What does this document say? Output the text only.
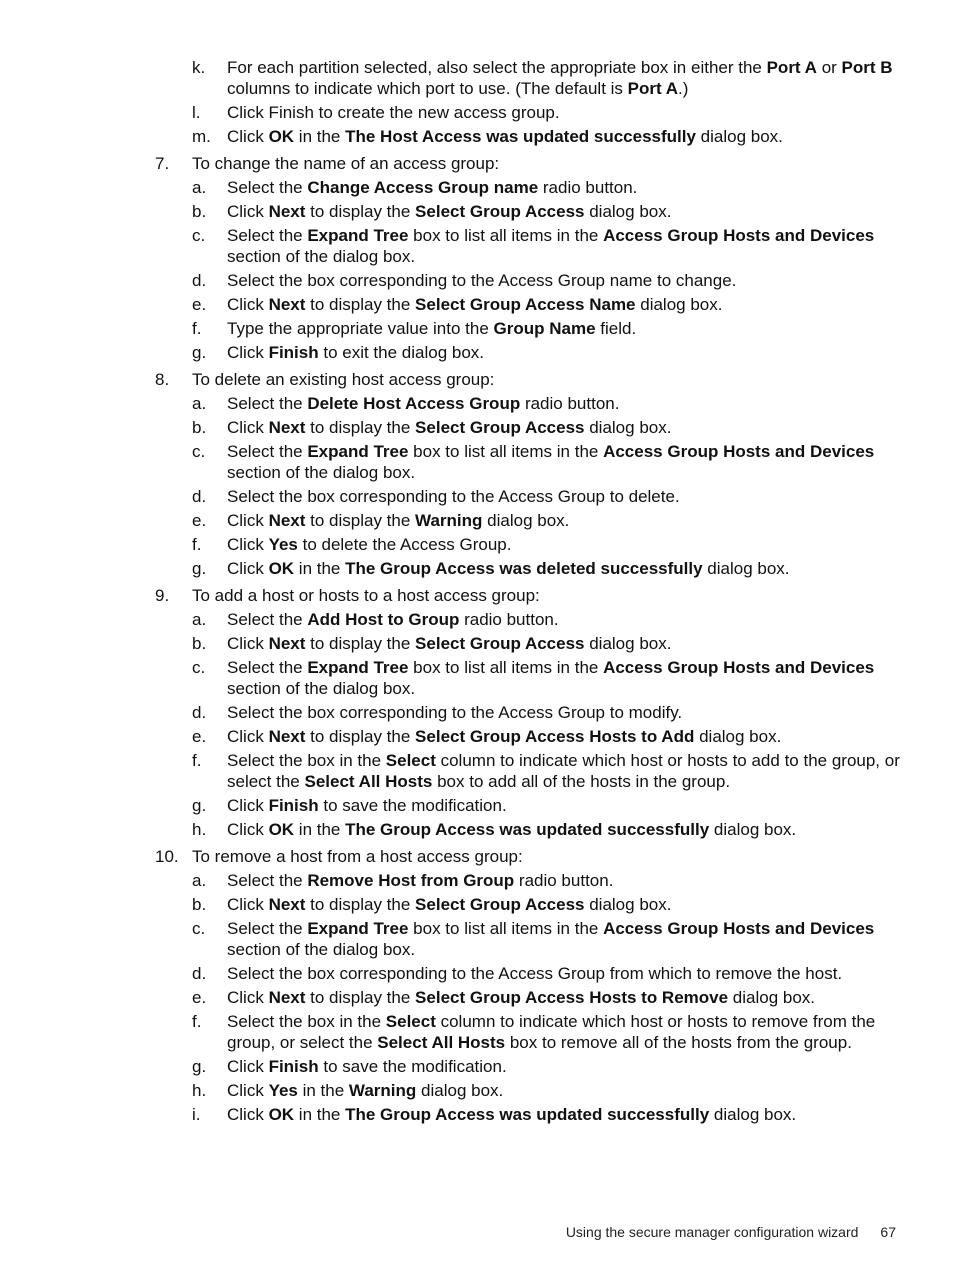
k.	For each partition selected, also select the appropriate box in either the Port A or Port B columns to indicate which port to use. (The default is Port A.)
l.	Click Finish to create the new access group.
m. Click OK in the The Host Access was updated successfully dialog box.
7.	To change the name of an access group:
a.	Select the Change Access Group name radio button.
b.	Click Next to display the Select Group Access dialog box.
c.	Select the Expand Tree box to list all items in the Access Group Hosts and Devices section of the dialog box.
d.	Select the box corresponding to the Access Group name to change.
e.	Click Next to display the Select Group Access Name dialog box.
f.	Type the appropriate value into the Group Name field.
g.	Click Finish to exit the dialog box.
8.	To delete an existing host access group:
a.	Select the Delete Host Access Group radio button.
b.	Click Next to display the Select Group Access dialog box.
c.	Select the Expand Tree box to list all items in the Access Group Hosts and Devices section of the dialog box.
d.	Select the box corresponding to the Access Group to delete.
e.	Click Next to display the Warning dialog box.
f.	Click Yes to delete the Access Group.
g.	Click OK in the The Group Access was deleted successfully dialog box.
9.	To add a host or hosts to a host access group:
a.	Select the Add Host to Group radio button.
b.	Click Next to display the Select Group Access dialog box.
c.	Select the Expand Tree box to list all items in the Access Group Hosts and Devices section of the dialog box.
d.	Select the box corresponding to the Access Group to modify.
e.	Click Next to display the Select Group Access Hosts to Add dialog box.
f.	Select the box in the Select column to indicate which host or hosts to add to the group, or select the Select All Hosts box to add all of the hosts in the group.
g.	Click Finish to save the modification.
h.	Click OK in the The Group Access was updated successfully dialog box.
10. To remove a host from a host access group:
a.	Select the Remove Host from Group radio button.
b.	Click Next to display the Select Group Access dialog box.
c.	Select the Expand Tree box to list all items in the Access Group Hosts and Devices section of the dialog box.
d.	Select the box corresponding to the Access Group from which to remove the host.
e.	Click Next to display the Select Group Access Hosts to Remove dialog box.
f.	Select the box in the Select column to indicate which host or hosts to remove from the group, or select the Select All Hosts box to remove all of the hosts from the group.
g.	Click Finish to save the modification.
h.	Click Yes in the Warning dialog box.
i.	Click OK in the The Group Access was updated successfully dialog box.
Using the secure manager configuration wizard 67
